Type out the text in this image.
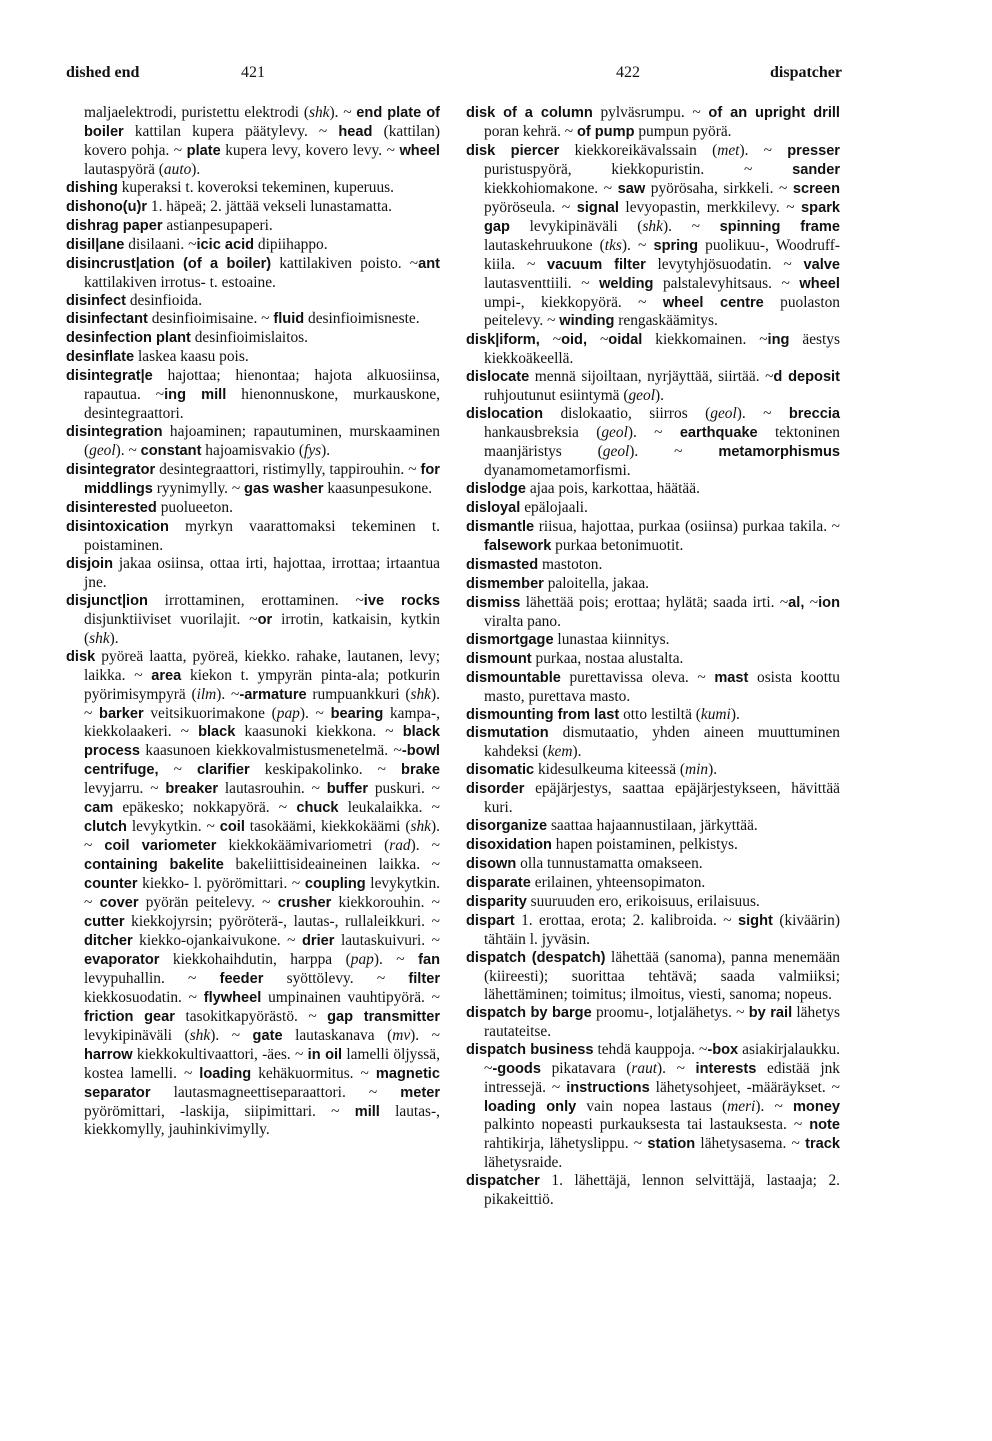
dished end	421	422	dispatcher

maljaelektrodi, puristettu elektrodi (shk). ~ end plate of boiler kattilan kupera päätylevy. ~ head (kattilan) kovero pohja. ~ plate kupera levy, kovero levy. ~ wheel lautaspyörä (auto).

dishing kuperaksi t. koveroksi tekeminen, kuperuus.

dishono(u)r 1. häpeä; 2. jättää vekseli lunastamatta.

dishrag paper astianpesupaperi.

disil|ane disilaani. ~icic acid dipiihappo.

disincrust|ation (of a boiler) kattilakiven poisto. ~ant kattilakiven irrotus- t. estoaine.

disinfect desinfioida.

disinfectant desinfioimisaine. ~ fluid desinfioimisneste.

desinfection plant desinfioimislaitos.

desinflate laskea kaasu pois.

disintegrat|e hajottaa; hienontaa; hajota alkuosiinsa, rapautua. ~ing mill hienonnuskone, murkauskone, desintegraattori.

disintegration hajoaminen; rapautuminen, murskaaminen (geol). ~ constant hajoamisvakio (fys).

disintegrator desintegraattori, ristimylly, tappirouhin. ~ for middlings ryynimylly. ~ gas washer kaasunpesukone.

disinterested puolueeton.

disintoxication myrkyn vaarattomaksi tekeminen t. poistaminen.

disjoin jakaa osiinsa, ottaa irti, hajottaa, irrottaa; irtaantua jne.

disjunct|ion irrottaminen, erottaminen. ~ive rocks disjunktiiviset vuorilajit. ~or irrotin, katkaisin, kytkin (shk).

disk pyöreä laatta, pyöreä, kiekko. rahake, lautanen, levy; laikka. ~ area kiekon t. ympyrän pinta-ala; potkurin pyörimisympyrä (ilm). ~-armature rumpuankkuri (shk). ~ barker veitsikuorimakone (pap). ~ bearing kampa-, kiekkolaakeri. ~ black kaasunoki kiekkona. ~ black process kaasunoen kiekkovalmistusmenetelmä. ~-bowl centrifuge, ~ clarifier keskipakolinko. ~ brake levyjarru. ~ breaker lautasrouhin. ~ buffer puskuri. ~ cam epäkesko; nokkapyörä. ~ chuck leukalaikka. ~ clutch levykytkin. ~ coil tasokäämi, kiekkokäämi (shk). ~ coil variometer kiekkokäämivariometri (rad). ~ containing bakelite bakeliittisideaineinen laikka. ~ counter kiekko- l. pyörömittari. ~ coupling levykytkin. ~ cover pyörän peitelevy. ~ crusher kiekkorouhin. ~ cutter kiekkojyrsin; pyöröterä-, lautas-, rullaleikkuri. ~ ditcher kiekko-ojankaivukone. ~ drier lautaskuivuri. ~ evaporator kiekkohaihdutin, harppa (pap). ~ fan levypuhallin. ~ feeder syöttölevy. ~ filter kiekkosuodatin. ~ flywheel umpinainen vauhtipyörä. ~ friction gear tasokitkapyörästö. ~ gap transmitter levykipinäväli (shk). ~ gate lautaskanava (mv). ~ harrow kiekkokultivaattori, -äes. ~ in oil lamelli öljyssä, kostea lamelli. ~ loading kehäkuormitus. ~ magnetic separator lautasmagneettiseparaattori. ~ meter pyörömittari, -laskija, siipimittari. ~ mill lautas-, kiekkomylly, jauhinkivimylly.

disk of a column pylväsrumpu. ~ of an upright drill poran kehrä. ~ of pump pumpun pyörä.

disk piercer kiekkoreikävalssain (met). ~ presser puristuspyörä, kiekkopuristin. ~ sander kiekkohiomakone. ~ saw pyörösaha, sirkkeli. ~ screen pyöröseula. ~ signal levyopastin, merkkilevy. ~ spark gap levykipinäväli (shk). ~ spinning frame lautaskehruukone (tks). ~ spring puolikuu-, Woodruff-kiila. ~ vacuum filter levytyhjösuodatin. ~ valve lautasventtiili. ~ welding palstalevyhitsaus. ~ wheel umpi-, kiekkopyörä. ~ wheel centre puolaston peitelevy. ~ winding rengaskäämitys.

disk|iform, ~oid, ~oidal kiekkomainen. ~ing äestys kiekkoäkeellä.

dislocate mennä sijoiltaan, nyrjäyttää, siirtää. ~d deposit ruhjoutunut esiintymä (geol).

dislocation dislokaatio, siirros (geol). ~ breccia hankausbreksia (geol). ~ earthquake tektoninen maanjäristys (geol). ~ metamorphismus dyanamometamorfismi.

dislodge ajaa pois, karkottaa, häätää.

disloyal epälojaali.

dismantle riisua, hajottaa, purkaa (osiinsa) purkaa takila. ~ falsework purkaa betonimuotit.

dismasted mastoton.

dismember paloitella, jakaa.

dismiss lähettää pois; erottaa; hylätä; saada irti. ~al, ~ion viralta pano.

dismortgage lunastaa kiinnitys.

dismount purkaa, nostaa alustalta.

dismountable purettavissa oleva. ~ mast osista koottu masto, purettava masto.

dismounting from last otto lestiltä (kumi).

dismutation dismutaatio, yhden aineen muuttuminen kahdeksi (kem).

disomatic kidesulkeuma kiteessä (min).

disorder epäjärjestys, saattaa epäjärjestykseen, hävittää kuri.

disorganize saattaa hajaannustilaan, järkyttää.

disoxidation hapen poistaminen, pelkistys.

disown olla tunnustamatta omakseen.

disparate erilainen, yhteensopimaton.

disparity suuruuden ero, erikoisuus, erilaisuus.

dispart 1. erottaa, erota; 2. kalibroida. ~ sight (kiväärin) tähtäin l. jyväsin.

dispatch (despatch) lähettää (sanoma), panna menemään (kiireesti); suorittaa tehtävä; saada valmiiksi; lähettäminen; toimitus; ilmoitus, viesti, sanoma; nopeus.

dispatch by barge proomu-, lotjalähetys. ~ by rail lähetys rautateitse.

dispatch business tehdä kauppoja. ~-box asiakirjalaukku. ~-goods pikatavara (raut). ~ interests edistää jnk intressejä. ~ instructions lähetysohjeet, -määräykset. ~ loading only vain nopea lastaus (meri). ~ money palkinto nopeasti purkauksesta tai lastauksesta. ~ note rahtikirja, lähetyslippu. ~ station lähetysasema. ~ track lähetysraide.

dispatcher 1. lähettäjä, lennon selvittäjä, lastaaja; 2. pikakeittiö.
